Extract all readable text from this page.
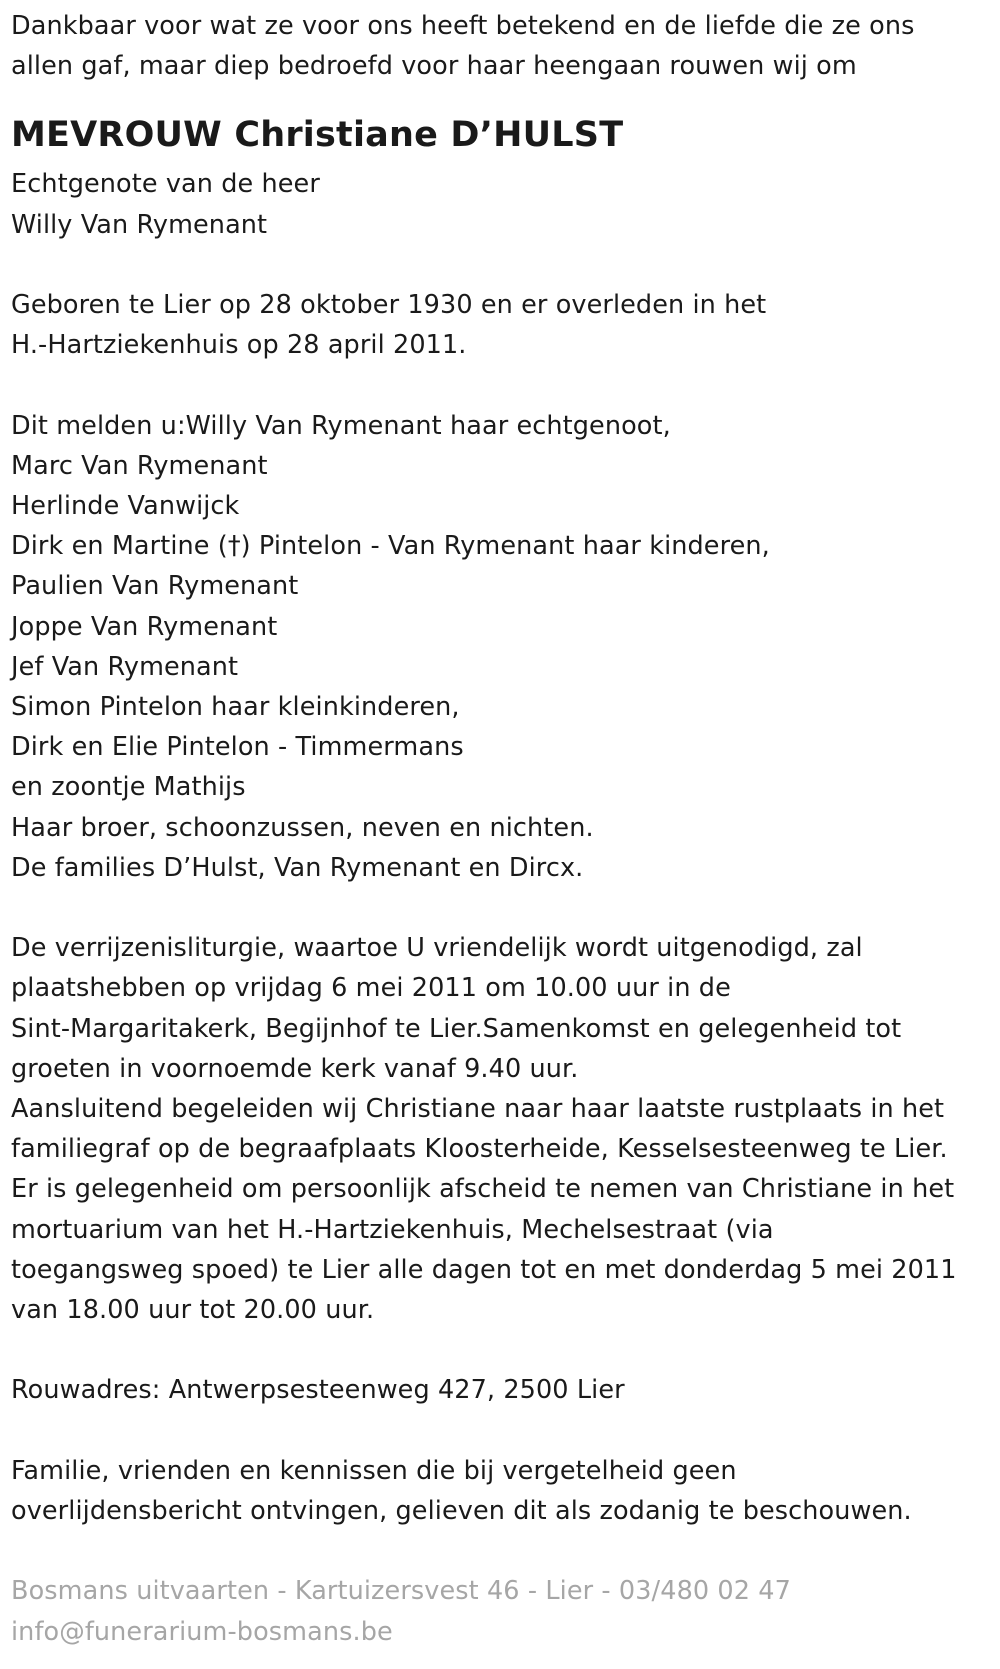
Dankbaar voor wat ze voor ons heeft betekend en de liefde die ze ons
allen gaf, maar diep bedroefd voor haar heengaan rouwen wij om
MEVROUW Christiane D’HULST
Echtgenote van de heer
Willy Van Rymenant
Geboren te Lier op 28 oktober 1930 en er overleden in het
H.-Hartziekenhuis op 28 april 2011.
Dit melden u:Willy Van Rymenant haar echtgenoot,
Marc Van Rymenant
Herlinde Vanwijck
Dirk en Martine (†) Pintelon - Van Rymenant haar kinderen,
Paulien Van Rymenant
Joppe Van Rymenant
Jef Van Rymenant
Simon Pintelon haar kleinkinderen,
Dirk en Elie Pintelon - Timmermans
en zoontje Mathijs
Haar broer, schoonzussen, neven en nichten.
De families D’Hulst, Van Rymenant en Dircx.
De verrijzenisliturgie, waartoe U vriendelijk wordt uitgenodigd, zal
plaatshebben op vrijdag 6 mei 2011 om 10.00 uur in de
Sint-Margaritakerk, Begijnhof te Lier.Samenkomst en gelegenheid tot
groeten in voornoemde kerk vanaf 9.40 uur.
Aansluitend begeleiden wij Christiane naar haar laatste rustplaats in het
familiegraf op de begraafplaats Kloosterheide, Kesselsesteenweg te Lier.
Er is gelegenheid om persoonlijk afscheid te nemen van Christiane in het
mortuarium van het H.-Hartziekenhuis, Mechelsestraat (via
toegangsweg spoed) te Lier alle dagen tot en met donderdag 5 mei 2011
van 18.00 uur tot 20.00 uur.
Rouwadres: Antwerpsesteenweg 427, 2500 Lier
Familie, vrienden en kennissen die bij vergetelheid geen
overlijdensbericht ontvingen, gelieven dit als zodanig te beschouwen.
Bosmans uitvaarten - Kartuizersvest 46 - Lier - 03/480 02 47
info@funerarium-bosmans.be
